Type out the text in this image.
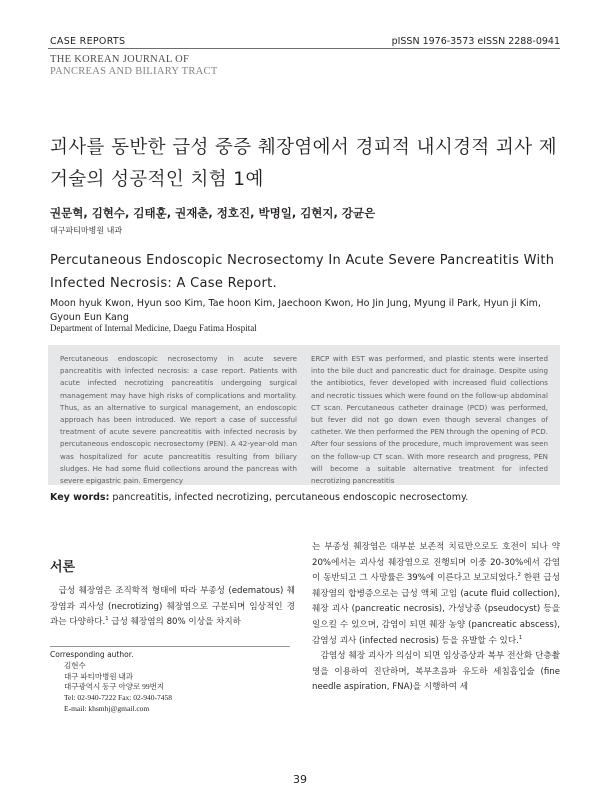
CASE REPORTS	pISSN 1976-3573 eISSN 2288-0941
THE KOREAN JOURNAL OF
PANCREAS AND BILIARY TRACT
괴사를 동반한 급성 중증 췌장염에서 경피적 내시경적 괴사 제거술의 성공적인 치험 1예
권문혁, 김현수, 김태훈, 권재춘, 정호진, 박명일, 김현지, 강균은
대구파티마병원 내과
Percutaneous Endoscopic Necrosectomy In Acute Severe Pancreatitis With Infected Necrosis: A Case Report.
Moon hyuk Kwon, Hyun soo Kim, Tae hoon Kim, Jaechoon Kwon, Ho Jin Jung, Myung il Park, Hyun ji Kim, Gyoun Eun Kang
Department of Internal Medicine, Daegu Fatima Hospital
Percutaneous endoscopic necrosectomy in acute severe pancreatitis with infected necrosis: a case report. Patients with acute infected necrotizing pancreatitis undergoing surgical management may have high risks of complications and mortality. Thus, as an alternative to surgical management, an endoscopic approach has been introduced. We report a case of successful treatment of acute severe pancreatitis with infected necrosis by percutaneous endoscopic necrosectomy (PEN). A 42-year-old man was hospitalized for acute pancreatitis resulting from biliary sludges. He had some fluid collections around the pancreas with severe epigastric pain. Emergency
ERCP with EST was performed, and plastic stents were inserted into the bile duct and pancreatic duct for drainage. Despite using the antibiotics, fever developed with increased fluid collections and necrotic tissues which were found on the follow-up abdominal CT scan. Percutaneous catheter drainage (PCD) was performed, but fever did not go down even though several changes of catheter. We then performed the PEN through the opening of PCD. After four sessions of the procedure, much improvement was seen on the follow-up CT scan. With more research and progress, PEN will become a suitable alternative treatment for infected necrotizing pancreatitis
Key words: pancreatitis, infected necrotizing, percutaneous endoscopic necrosectomy.
서론
급성 췌장염은 조직학적 형태에 따라 부종성 (edematous) 췌장염과 괴사성 (necrotizing) 췌장염으로 구분되며 임상적인 경과는 다양하다.$^1$ 급성 췌장염의 80% 이상을 차지하

는 부종성 췌장염은 대부분 보존적 치료만으로도 호전이 되나 약 20%에서는 괴사성 췌장염으로 진행되며 이중 20-30%에서 감염이 동반되고 그 사망률은 39%에 이른다고 보고되었다.$^2$ 한편 급성 췌장염의 합병증으로는 급성 액체 고임 (acute fluid collection), 췌장 괴사 (pancreatic necrosis), 가성낭종 (pseudocyst) 등을 일으킬 수 있으며, 감염이 되면 췌장 농양 (pancreatic abscess), 감염성 괴사 (infected necrosis) 등을 유발할 수 있다.$^1$

감염성 췌장 괴사가 의심이 되면 임상증상과 복부 전산화 단층촬영을 이용하여 진단하며, 복부초음파 유도하 세침흡입술 (fine needle aspiration, FNA)을 시행하여 세

Corresponding author.
김현수
대구 파티마병원 내과
대구광역시 동구 아양로 99번지
Tel: 02-940-7222 Fax: 02-940-7458
E-mail: khsmhj@gmail.com
39
